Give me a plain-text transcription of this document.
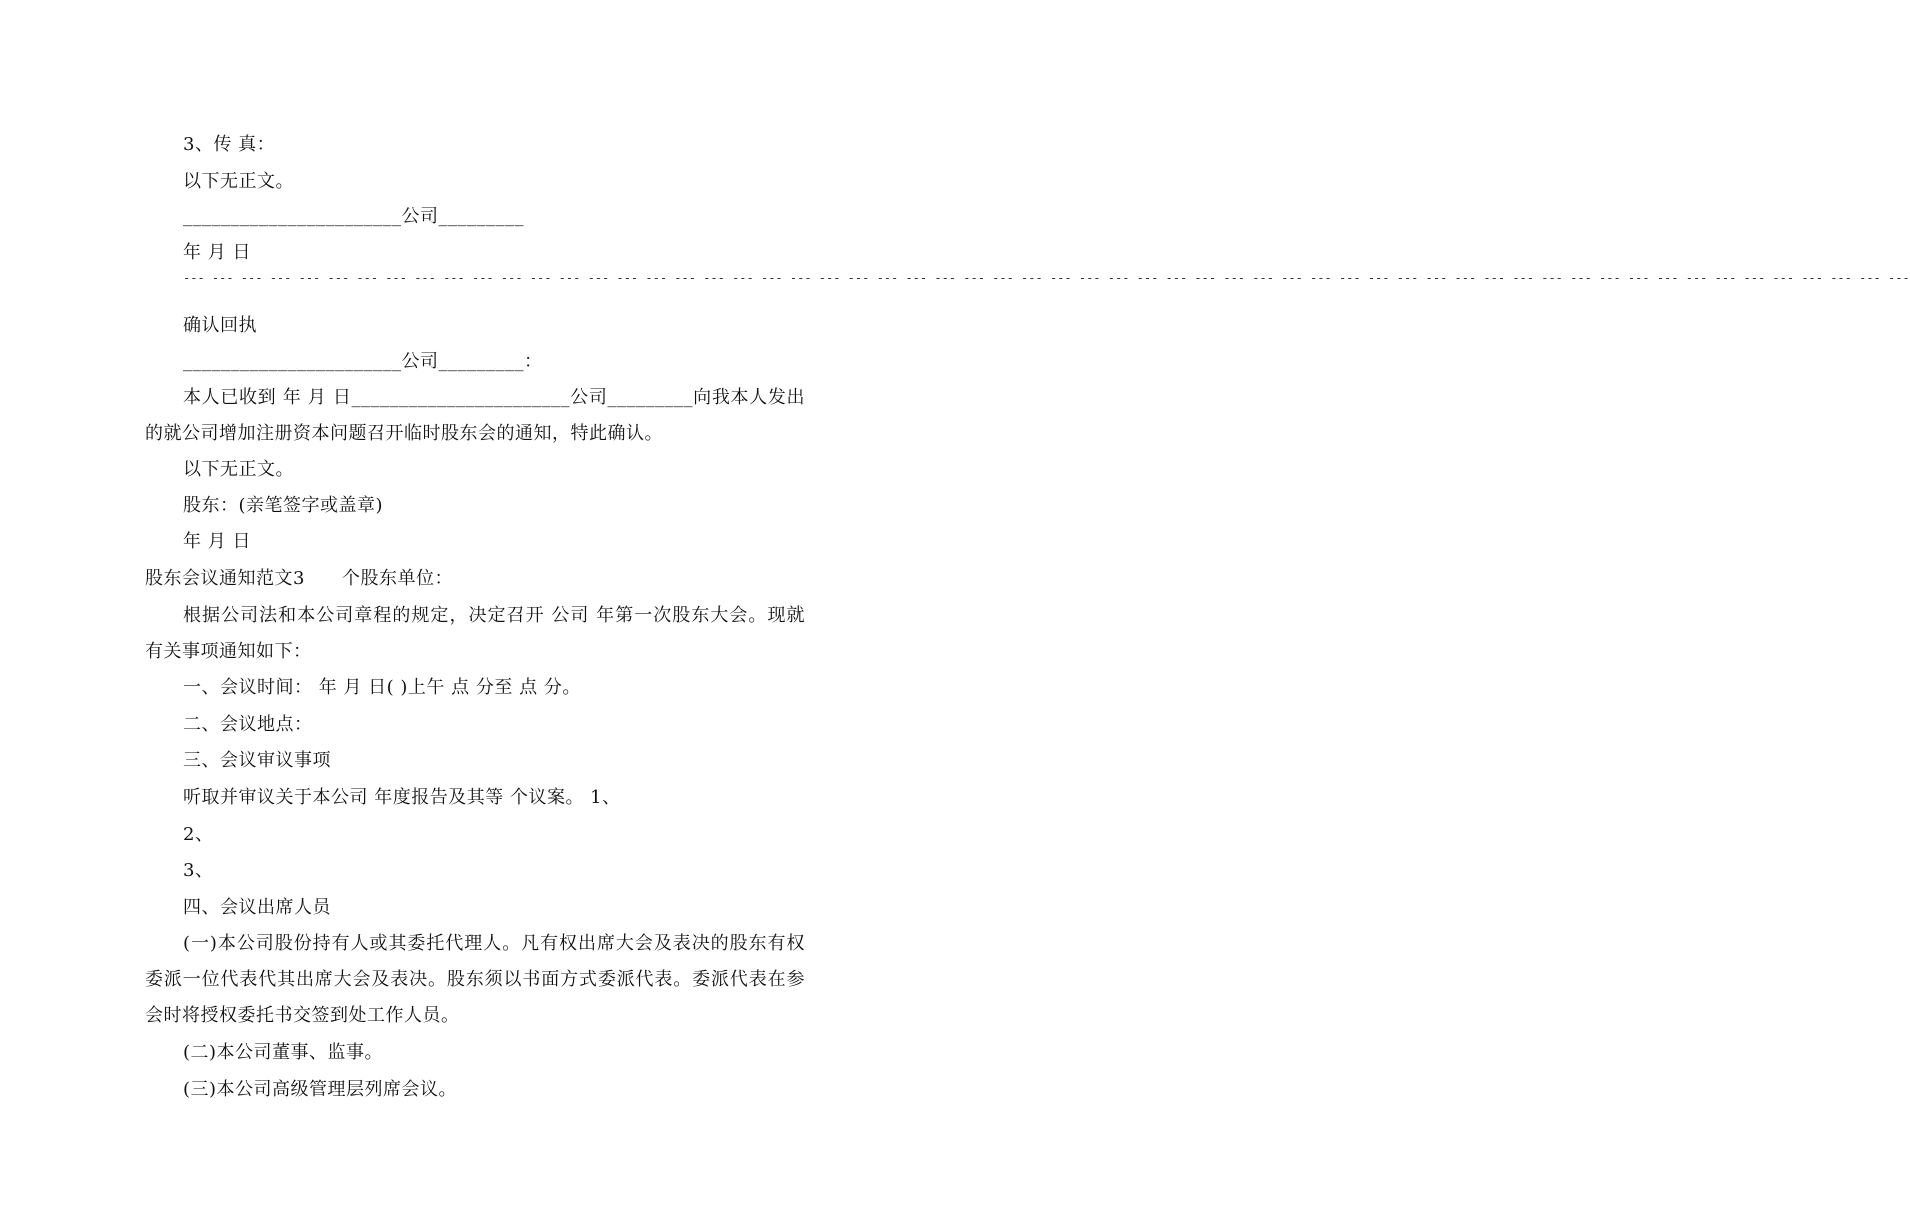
3、传 真：
以下无正文。
_______________________公司_________
年 月 日
--- --- --- --- --- --- --- --- --- --- --- --- --- --- --- --- --- --- --- --- --- --- --- --- --- --- --- --- --- --- --- --- --- --- --- --- --- --- --- --- --- --- --- --- --- --- --- --- --- --- --- --- --- --- --- --- --- --- --- ---
确认回执
_______________________公司_________：
本人已收到 年 月 日_______________________公司_________向我本人发出的就公司增加注册资本问题召开临时股东会的通知，特此确认。
以下无正文。
股东：(亲笔签字或盖章)
年 月 日
股东会议通知范文3　　个股东单位：
根据公司法和本公司章程的规定，决定召开 公司 年第一次股东大会。现就有关事项通知如下：
一、会议时间： 年 月 日( )上午 点 分至 点 分。
二、会议地点：
三、会议审议事项
听取并审议关于本公司 年度报告及其等 个议案。 1、
2、
3、
四、会议出席人员
(一)本公司股份持有人或其委托代理人。凡有权出席大会及表决的股东有权委派一位代表代其出席大会及表决。股东须以书面方式委派代表。委派代表在参会时将授权委托书交签到处工作人员。
(二)本公司董事、监事。
(三)本公司高级管理层列席会议。
